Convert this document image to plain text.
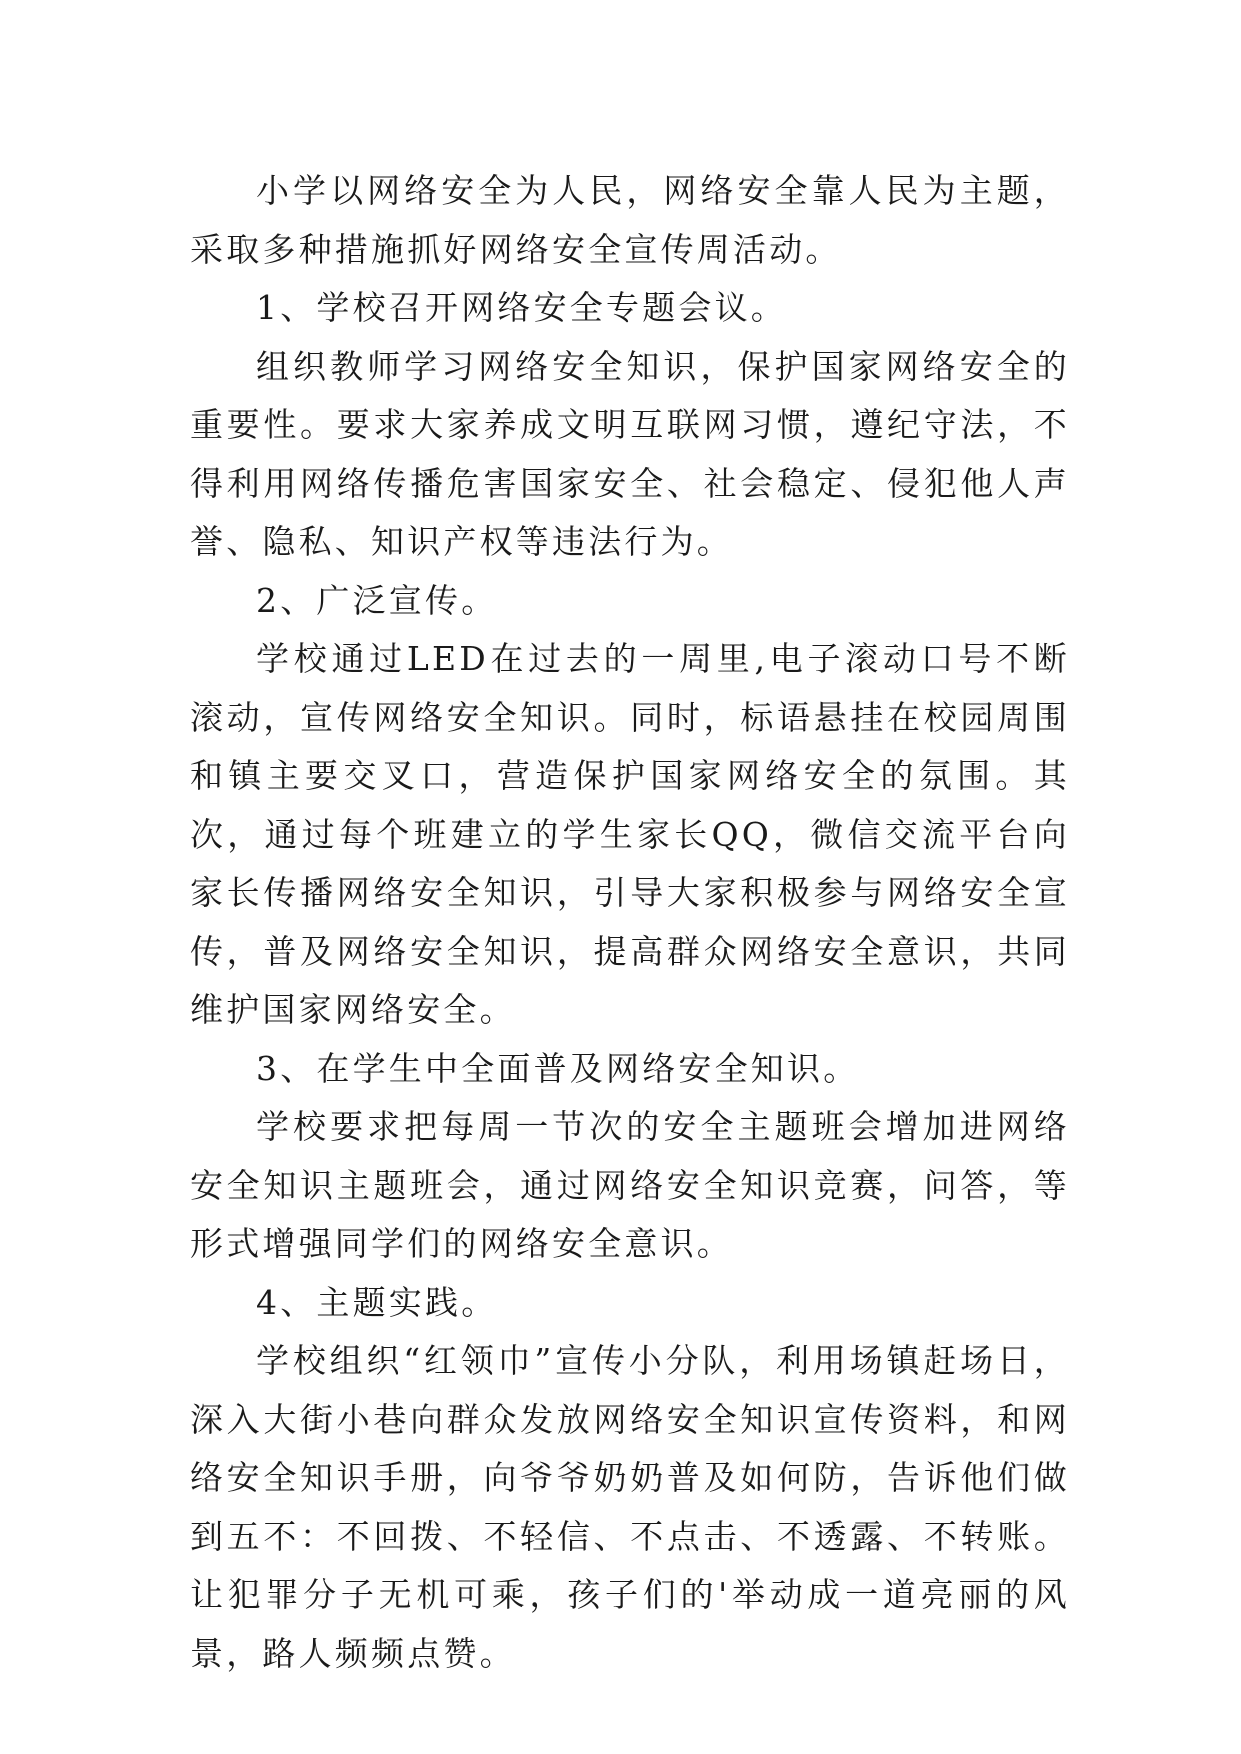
小学以网络安全为人民，网络安全靠人民为主题，采取多种措施抓好网络安全宣传周活动。

1、学校召开网络安全专题会议。

组织教师学习网络安全知识，保护国家网络安全的重要性。要求大家养成文明互联网习惯，遵纪守法，不得利用网络传播危害国家安全、社会稳定、侵犯他人声誉、隐私、知识产权等违法行为。

2、广泛宣传。

学校通过LED在过去的一周里,电子滚动口号不断滚动，宣传网络安全知识。同时，标语悬挂在校园周围和镇主要交叉口，营造保护国家网络安全的氛围。其次，通过每个班建立的学生家长QQ，微信交流平台向家长传播网络安全知识，引导大家积极参与网络安全宣传，普及网络安全知识，提高群众网络安全意识，共同维护国家网络安全。

3、在学生中全面普及网络安全知识。

学校要求把每周一节次的安全主题班会增加进网络安全知识主题班会，通过网络安全知识竞赛，问答，等形式增强同学们的网络安全意识。

4、主题实践。

学校组织“红领巾”宣传小分队，利用场镇赶场日，深入大街小巷向群众发放网络安全知识宣传资料，和网络安全知识手册，向爷爷奶奶普及如何防，告诉他们做到五不：不回拨、不轻信、不点击、不透露、不转账。让犯罪分子无机可乘，孩子们的'举动成一道亮丽的风景，路人频频点赞。
